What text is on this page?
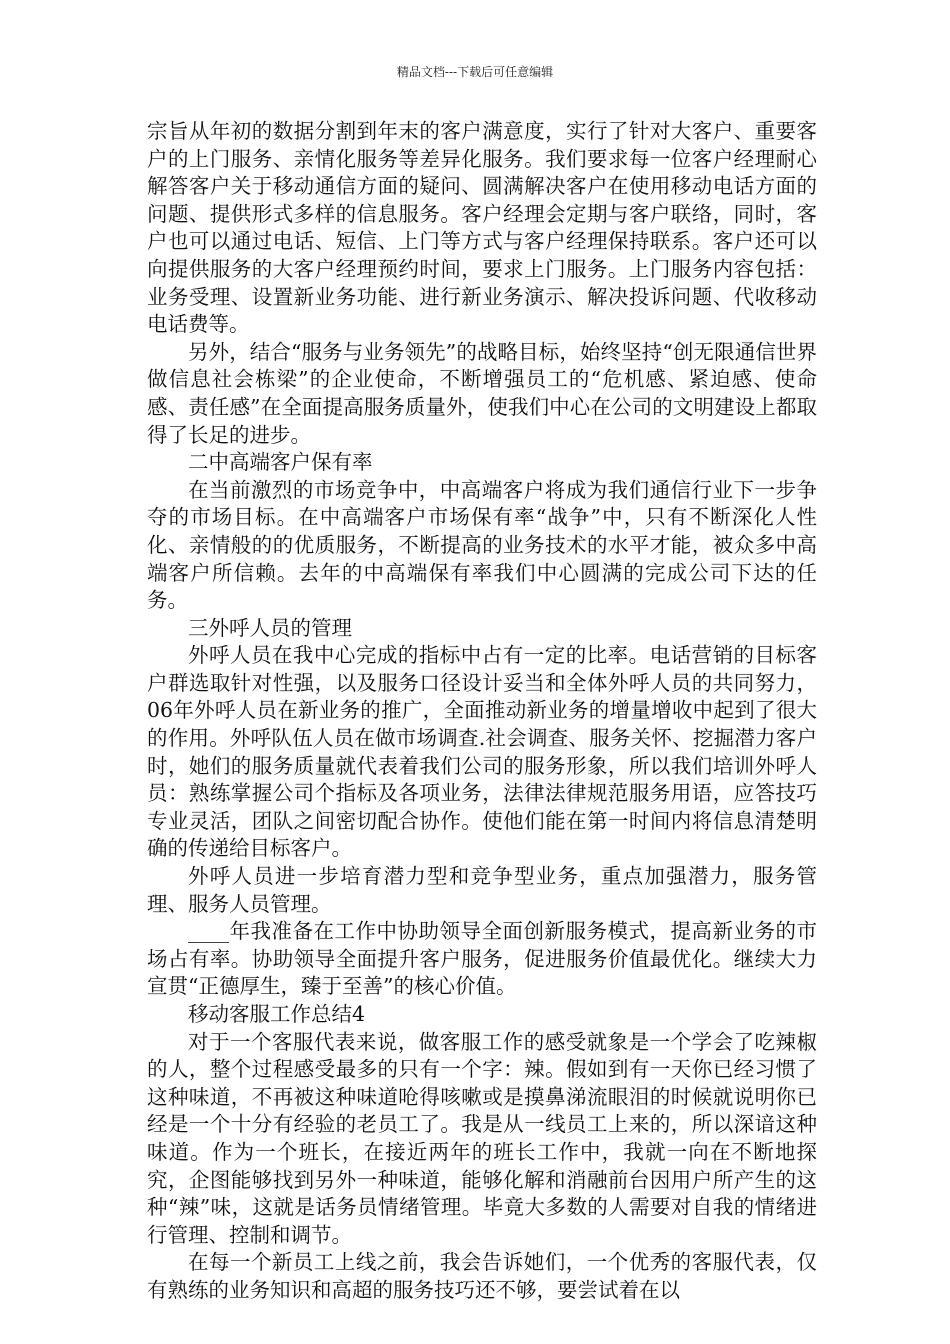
精品文档---下载后可任意编辑

宗旨从年初的数据分割到年末的客户满意度，实行了针对大客户、重要客户的上门服务、亲情化服务等差异化服务。我们要求每一位客户经理耐心解答客户关于移动通信方面的疑问、圆满解决客户在使用移动电话方面的问题、提供形式多样的信息服务。客户经理会定期与客户联络，同时，客户也可以通过电话、短信、上门等方式与客户经理保持联系。客户还可以向提供服务的大客户经理预约时间，要求上门服务。上门服务内容包括：业务受理、设置新业务功能、进行新业务演示、解决投诉问题、代收移动电话费等。

另外，结合“服务与业务领先”的战略目标，始终坚持“创无限通信世界做信息社会栋梁”的企业使命，不断增强员工的“危机感、紧迫感、使命感、责任感”在全面提高服务质量外，使我们中心在公司的文明建设上都取得了长足的进步。

二中高端客户保有率

在当前激烈的市场竞争中，中高端客户将成为我们通信行业下一步争夺的市场目标。在中高端客户市场保有率“战争”中，只有不断深化人性化、亲情般的的优质服务，不断提高的业务技术的水平才能，被众多中高端客户所信赖。去年的中高端保有率我们中心圆满的完成公司下达的任务。

三外呼人员的管理

外呼人员在我中心完成的指标中占有一定的比率。电话营销的目标客户群选取针对性强，以及服务口径设计妥当和全体外呼人员的共同努力，06年外呼人员在新业务的推广，全面推动新业务的增量增收中起到了很大的作用。外呼队伍人员在做市场调查.社会调查、服务关怀、挖掘潜力客户时，她们的服务质量就代表着我们公司的服务形象，所以我们培训外呼人员：熟练掌握公司个指标及各项业务，法律法律规范服务用语，应答技巧专业灵活，团队之间密切配合协作。使他们能在第一时间内将信息清楚明确的传递给目标客户。

外呼人员进一步培育潜力型和竞争型业务，重点加强潜力，服务管理、服务人员管理。

____年我准备在工作中协助领导全面创新服务模式，提高新业务的市场占有率。协助领导全面提升客户服务，促进服务价值最优化。继续大力宣贯“正德厚生，臻于至善”的核心价值。

移动客服工作总结4

对于一个客服代表来说，做客服工作的感受就象是一个学会了吃辣椒的人，整个过程感受最多的只有一个字：辣。假如到有一天你已经习惯了这种味道，不再被这种味道呛得咳嗽或是摸鼻涕流眼泪的时候就说明你已经是一个十分有经验的老员工了。我是从一线员工上来的，所以深谙这种味道。作为一个班长，在接近两年的班长工作中，我就一向在不断地探究，企图能够找到另外一种味道，能够化解和消融前台因用户所产生的这种“辣”味，这就是话务员情绪管理。毕竟大多数的人需要对自我的情绪进行管理、控制和调节。

在每一个新员工上线之前，我会告诉她们，一个优秀的客服代表，仅有熟练的业务知识和高超的服务技巧还不够，要尝试着在以
